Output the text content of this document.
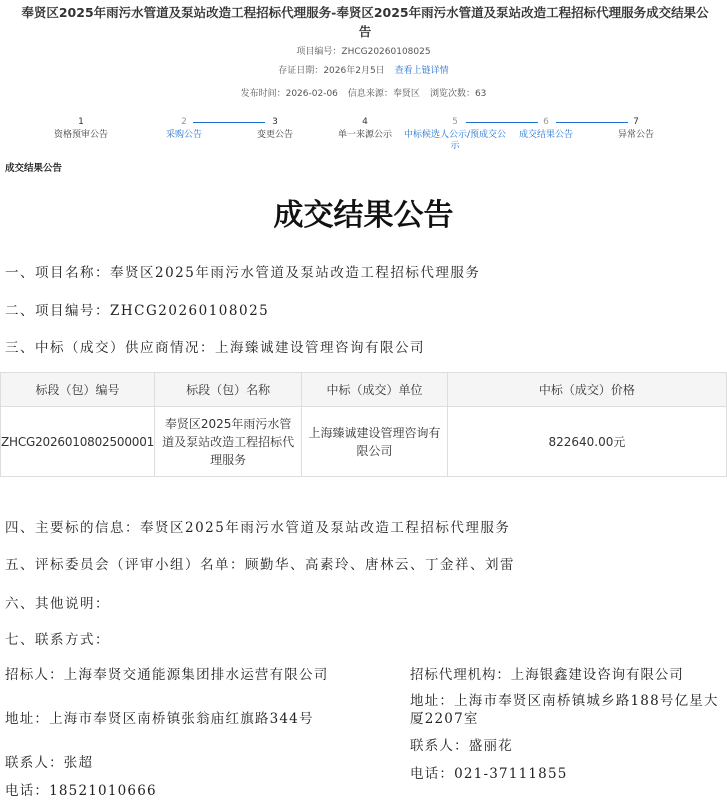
奉贤区2025年雨污水管道及泵站改造工程招标代理服务-奉贤区2025年雨污水管道及泵站改造工程招标代理服务成交结果公告
项目编号：ZHCG20260108025
存证日期：2026年2月5日 查看上链详情
发布时间：2026-02-06 信息来源：奉贤区 浏览次数：63
1
资格预审公告
2
采购公告
3
变更公告
4
单一来源公示
5
中标候选人公示/预成交公示
6
成交结果公告
7
异常公告
成交结果公告
成交结果公告
一、项目名称：奉贤区2025年雨污水管道及泵站改造工程招标代理服务
二、项目编号：ZHCG20260108025
三、中标（成交）供应商情况：上海臻诚建设管理咨询有限公司
标段（包）编号	标段（包）名称	中标（成交）单位	中标（成交）价格
ZHCG2026010802500001	奉贤区2025年雨污水管道及泵站改造工程招标代理服务	上海臻诚建设管理咨询有限公司	822640.00元
四、主要标的信息：奉贤区2025年雨污水管道及泵站改造工程招标代理服务
五、评标委员会（评审小组）名单：顾勤华、高素玲、唐林云、丁金祥、刘雷
六、其他说明：
七、联系方式：
招标人：上海奉贤交通能源集团排水运营有限公司
地址：上海市奉贤区南桥镇张翁庙红旗路344号
联系人：张超
电话：18521010666
招标代理机构：上海银鑫建设咨询有限公司
地址：上海市奉贤区南桥镇城乡路188号亿星大厦2207室
联系人：盛丽花
电话：021-37111855
